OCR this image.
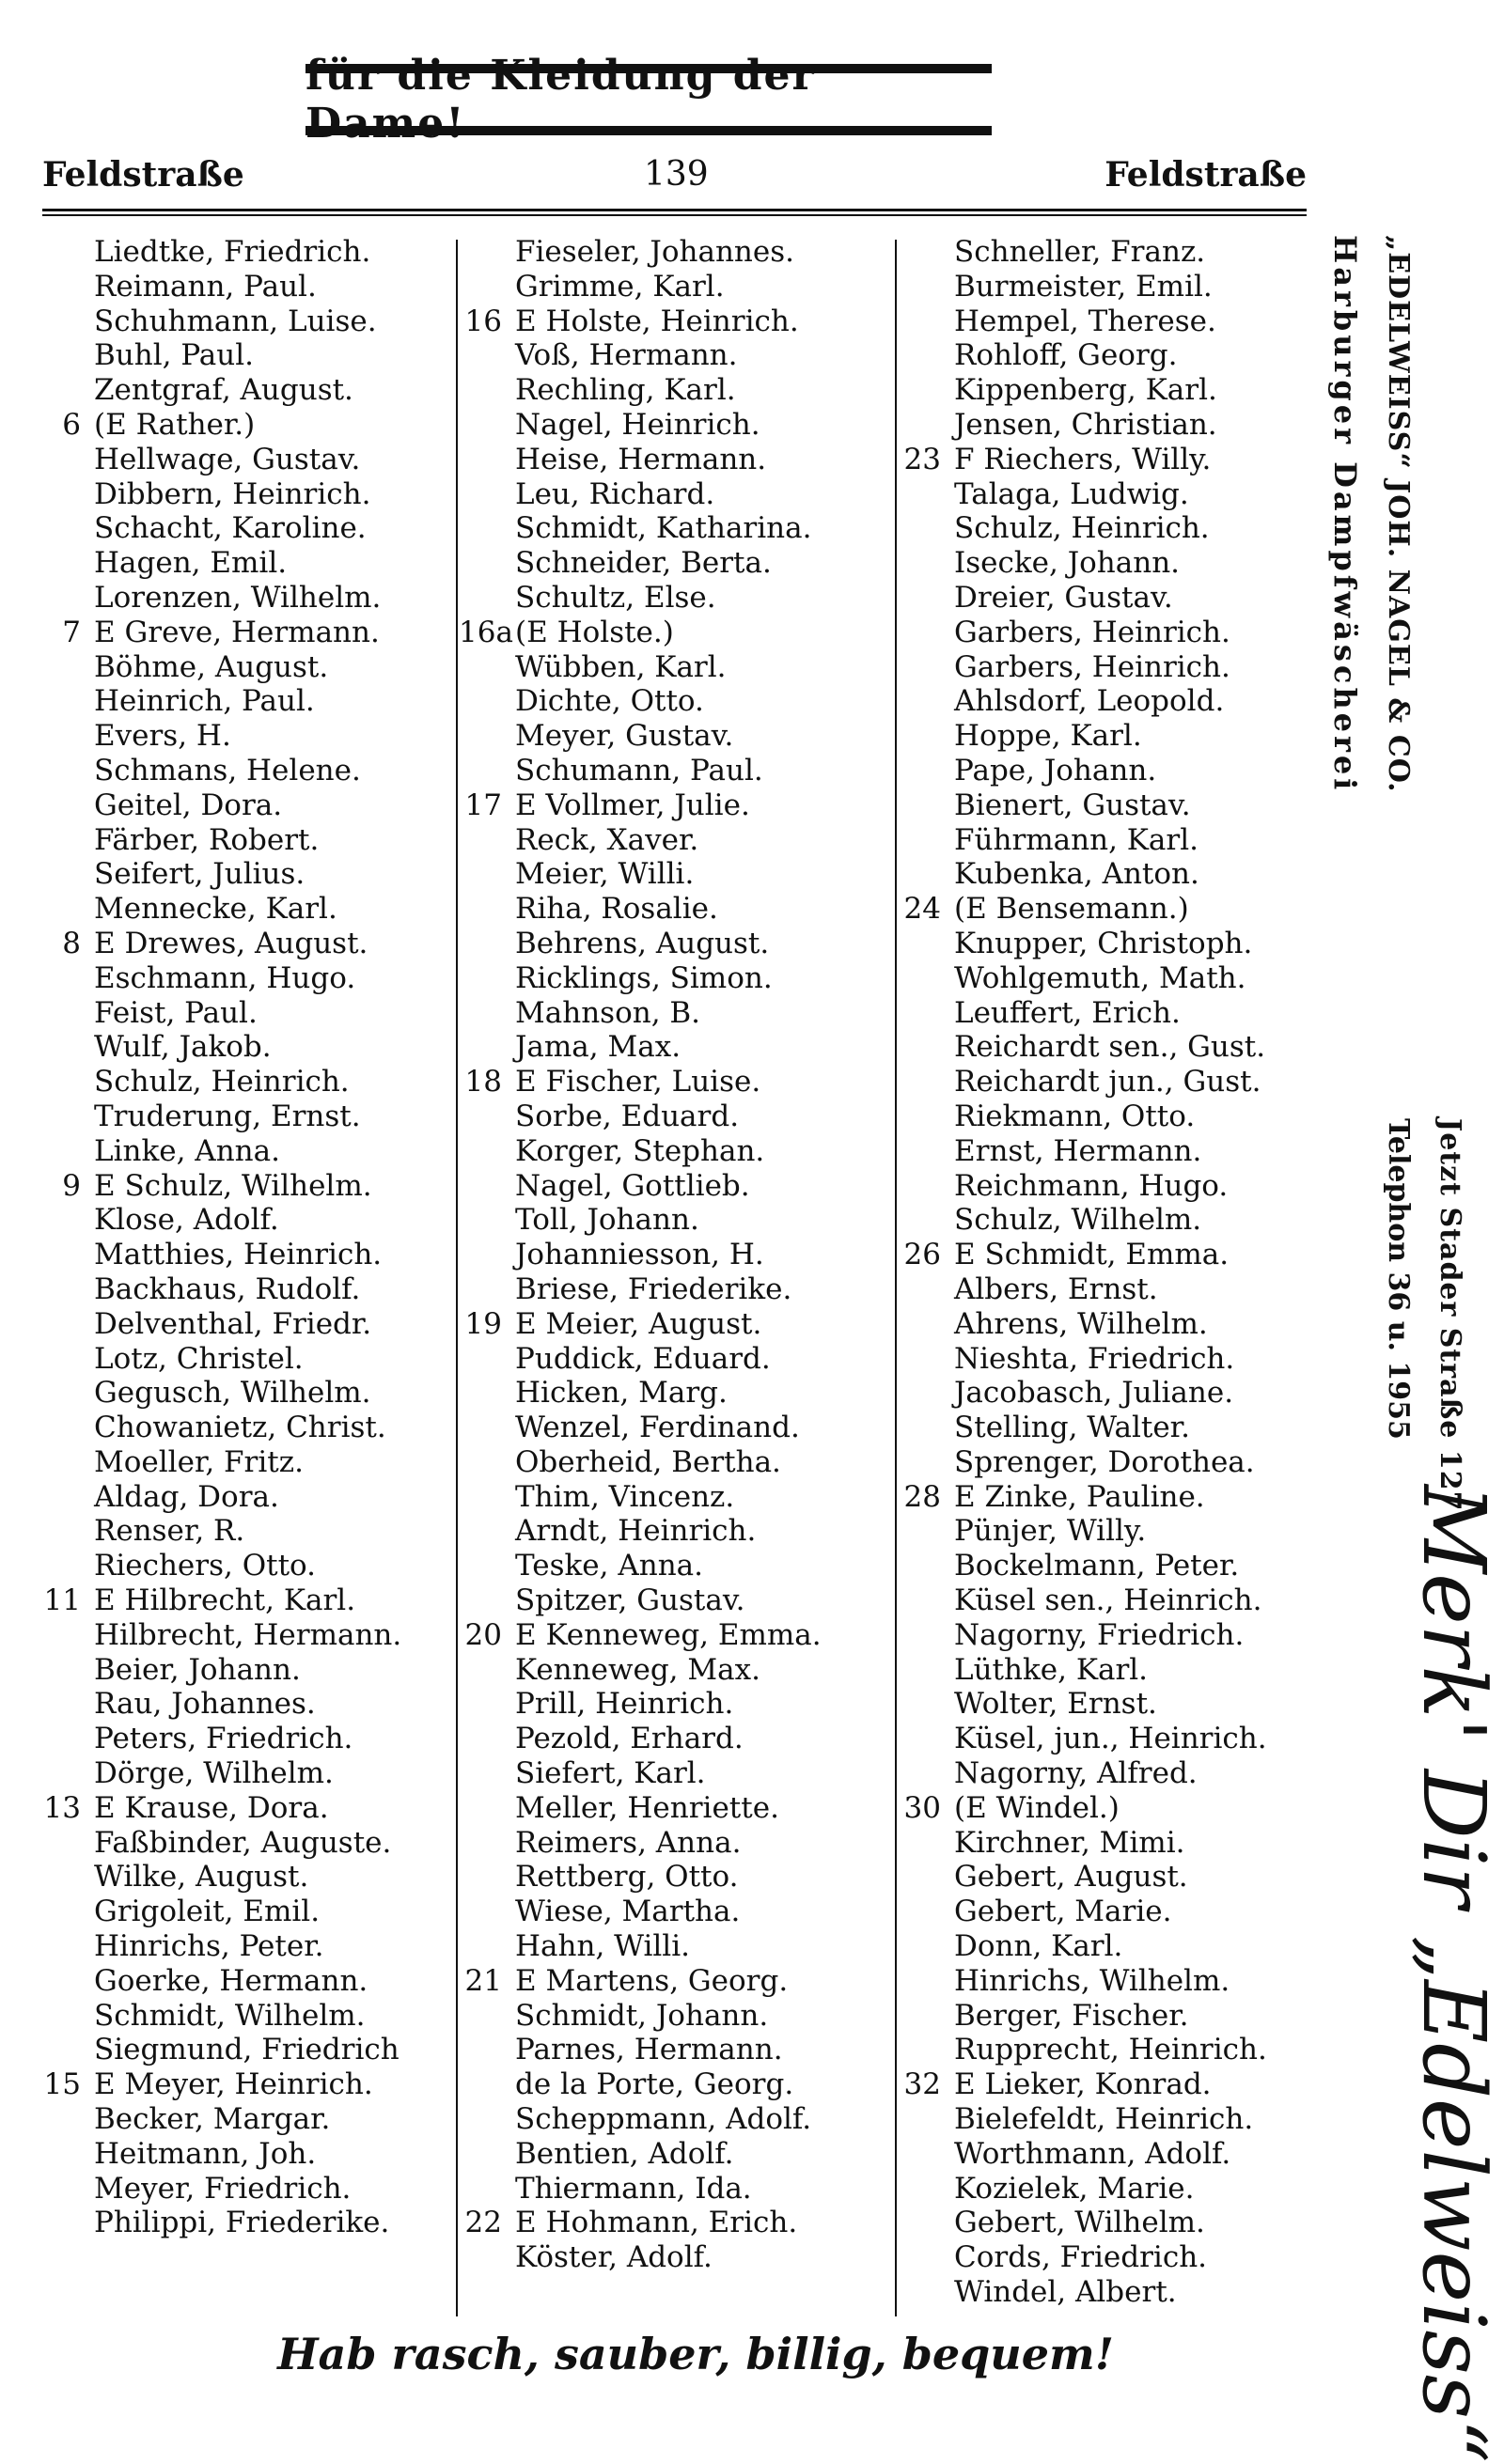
für die Kleidung der Dame!
Feldstraße	139	Feldstraße
Liedtke, Friedrich.
Reimann, Paul.
Schuhmann, Luise.
Buhl, Paul.
Zentgraf, August.
6 (E Rather.)
Hellwage, Gustav.
Dibbern, Heinrich.
Schacht, Karoline.
Hagen, Emil.
Lorenzen, Wilhelm.
7 E Greve, Hermann.
Böhme, August.
Heinrich, Paul.
Evers, H.
Schmans, Helene.
Geitel, Dora.
Färber, Robert.
Seifert, Julius.
Mennecke, Karl.
8 E Drewes, August.
Eschmann, Hugo.
Feist, Paul.
Wulf, Jakob.
Schulz, Heinrich.
Truderung, Ernst.
Linke, Anna.
9 E Schulz, Wilhelm.
Klose, Adolf.
Matthies, Heinrich.
Backhaus, Rudolf.
Delventhal, Friedr.
Lotz, Christel.
Gegusch, Wilhelm.
Chowanietz, Christ.
Moeller, Fritz.
Aldag, Dora.
Renser, R.
Riechers, Otto.
11 E Hilbrecht, Karl.
Hilbrecht, Hermann.
Beier, Johann.
Rau, Johannes.
Peters, Friedrich.
Dörge, Wilhelm.
13 E Krause, Dora.
Faßbinder, Auguste.
Wilke, August.
Grigoleit, Emil.
Hinrichs, Peter.
Goerke, Hermann.
Schmidt, Wilhelm.
Siegmund, Friedrich
15 E Meyer, Heinrich.
Becker, Margar.
Heitmann, Joh.
Meyer, Friedrich.
Philippi, Friederike.
Fieseler, Johannes.
Grimme, Karl.
16 E Holste, Heinrich.
Voß, Hermann.
Rechling, Karl.
Nagel, Heinrich.
Heise, Hermann.
Leu, Richard.
Schmidt, Katharina.
Schneider, Berta.
Schultz, Else.
16a (E Holste.)
Wübben, Karl.
Dichte, Otto.
Meyer, Gustav.
Schumann, Paul.
17 E Vollmer, Julie.
Reck, Xaver.
Meier, Willi.
Riha, Rosalie.
Behrens, August.
Ricklings, Simon.
Mahnson, B.
Jama, Max.
18 E Fischer, Luise.
Sorbe, Eduard.
Korger, Stephan.
Nagel, Gottlieb.
Toll, Johann.
Johanniesson, H.
Briese, Friederike.
19 E Meier, August.
Puddick, Eduard.
Hicken, Marg.
Wenzel, Ferdinand.
Oberheid, Bertha.
Thim, Vincenz.
Arndt, Heinrich.
Teske, Anna.
Spitzer, Gustav.
20 E Kenneweg, Emma.
Kenneweg, Max.
Prill, Heinrich.
Pezold, Erhard.
Siefert, Karl.
Meller, Henriette.
Reimers, Anna.
Rettberg, Otto.
Wiese, Martha.
Hahn, Willi.
21 E Martens, Georg.
Schmidt, Johann.
Parnes, Hermann.
de la Porte, Georg.
Scheppmann, Adolf.
Bentien, Adolf.
Thiermann, Ida.
22 E Hohmann, Erich.
Köster, Adolf.
Schneller, Franz.
Burmeister, Emil.
Hempel, Therese.
Rohloff, Georg.
Kippenberg, Karl.
Jensen, Christian.
23 F Riechers, Willy.
Talaga, Ludwig.
Schulz, Heinrich.
Isecke, Johann.
Dreier, Gustav.
Garbers, Heinrich.
Garbers, Heinrich.
Ahlsdorf, Leopold.
Hoppe, Karl.
Pape, Johann.
Bienert, Gustav.
Führmann, Karl.
Kubenka, Anton.
24 (E Bensemann.)
Knupper, Christoph.
Wohlgemuth, Math.
Leuffert, Erich.
Reichardt sen., Gust.
Reichardt jun., Gust.
Riekmann, Otto.
Ernst, Hermann.
Reichmann, Hugo.
Schulz, Wilhelm.
26 E Schmidt, Emma.
Albers, Ernst.
Ahrens, Wilhelm.
Nieshta, Friedrich.
Jacobasch, Juliane.
Stelling, Walter.
Sprenger, Dorothea.
28 E Zinke, Pauline.
Pünjer, Willy.
Bockelmann, Peter.
Küsel sen., Heinrich.
Nagorny, Friedrich.
Lüthke, Karl.
Wolter, Ernst.
Küsel, jun., Heinrich.
Nagorny, Alfred.
30 (E Windel.)
Kirchner, Mimi.
Gebert, August.
Gebert, Marie.
Donn, Karl.
Hinrichs, Wilhelm.
Berger, Fischer.
Rupprecht, Heinrich.
32 E Lieker, Konrad.
Bielefeldt, Heinrich.
Worthmann, Adolf.
Kozielek, Marie.
Gebert, Wilhelm.
Cords, Friedrich.
Windel, Albert.
Harburger Dampfwäscherei „EDELWEISS“ JOH. NAGEL & CO.
Jetzt Stader Straße 127
Telephon 36 u. 1955
Merk' Dir „Edelweiss“
Hab rasch, sauber, billig, bequem!
